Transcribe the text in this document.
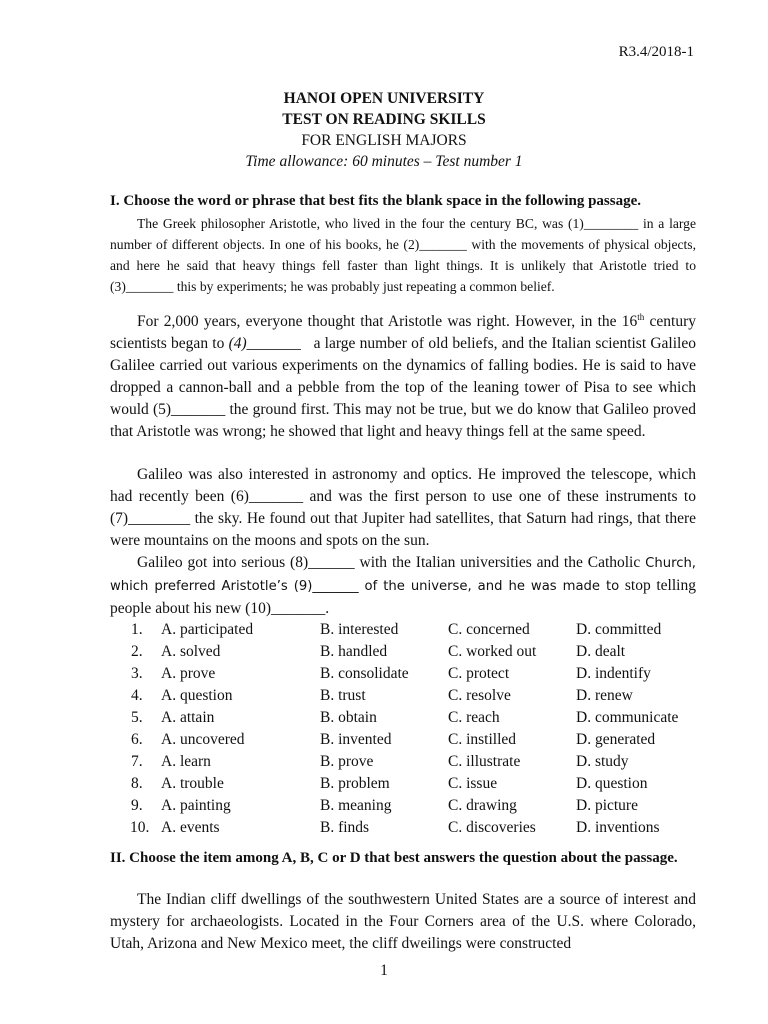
R3.4/2018-1
HANOI OPEN UNIVERSITY
TEST ON READING SKILLS
FOR ENGLISH MAJORS
Time allowance: 60 minutes – Test number 1
I. Choose the word or phrase that best fits the blank space in the following passage.
The Greek philosopher Aristotle, who lived in the four the century BC, was (1)________ in a large number of different objects. In one of his books, he (2)_______ with the movements of physical objects, and here he said that heavy things fell faster than light things. It is unlikely that Aristotle tried to (3)_______ this by experiments; he was probably just repeating a common belief.
For 2,000 years, everyone thought that Aristotle was right. However, in the 16th century scientists began to (4)_______   a large number of old beliefs, and the Italian scientist Galileo Galilee carried out various experiments on the dynamics of falling bodies. He is said to have dropped a cannon-ball and a pebble from the top of the leaning tower of Pisa to see which would (5)_______ the ground first. This may not be true, but we do know that Galileo proved that Aristotle was wrong; he showed that light and heavy things fell at the same speed.
Galileo was also interested in astronomy and optics. He improved the telescope, which had recently been (6)_______ and was the first person to use one of these instruments to (7)________ the sky. He found out that Jupiter had satellites, that Saturn had rings, that there were mountains on the moons and spots on the sun.
Galileo got into serious (8)______ with the Italian universities and the Catholic Church, which preferred Aristotle’s (9)_______ of the universe, and he was made to stop telling people about his new (10)_______.
1. A. participated	B. interested	C. concerned	D. committed
2. A. solved	B. handled	C. worked out	D. dealt
3. A. prove	B. consolidate	C. protect	D. indentify
4. A. question	B. trust	C. resolve	D. renew
5. A. attain	B. obtain	C. reach	D. communicate
6. A. uncovered	B. invented	C. instilled	D. generated
7. A. learn	B. prove	C. illustrate	D. study
8. A. trouble	B. problem	C. issue	D. question
9. A. painting	B. meaning	C. drawing	D. picture
10. A. events	B. finds	C. discoveries	D. inventions
II. Choose the item among A, B, C or D that best answers the question about the passage.
The Indian cliff dwellings of the southwestern United States are a source of interest and mystery for archaeologists. Located in the Four Corners area of the U.S. where Colorado, Utah, Arizona and New Mexico meet, the cliff dweilings were constructed
1
